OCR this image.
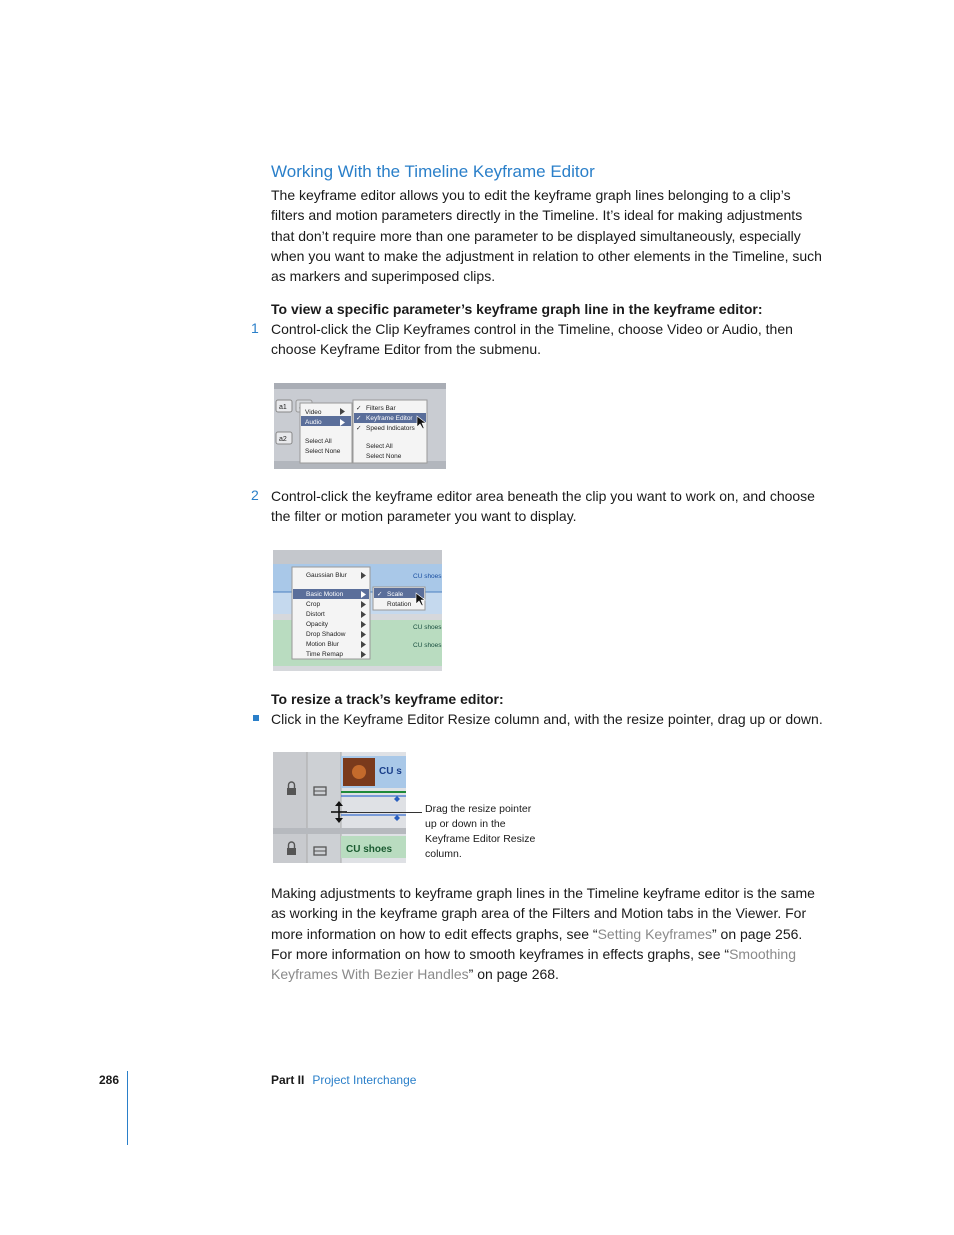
Working With the Timeline Keyframe Editor

The keyframe editor allows you to edit the keyframe graph lines belonging to a clip’s filters and motion parameters directly in the Timeline. It’s ideal for making adjustments that don’t require more than one parameter to be displayed simultaneously, especially when you want to make the adjustment in relation to other elements in the Timeline, such as markers and superimposed clips.

To view a specific parameter’s keyframe graph line in the keyframe editor:

1 Control-click the Clip Keyframes control in the Timeline, choose Video or Audio, then choose Keyframe Editor from the submenu.

a1
a2
Video
Audio
Select All
Select None
✓ Filters Bar
✓ Keyframe Editor
✓ Speed Indicators
Select All
Select None
2 Control-click the keyframe editor area beneath the clip you want to work on, and choose the filter or motion parameter you want to display.

CU shoes
CU shoes
CU shoes
Gaussian Blur
Basic Motion
Crop
Distort
Opacity
Drop Shadow
Motion Blur
Time Remap
✓ Scale
Rotation

To resize a track’s keyframe editor:

Click in the Keyframe Editor Resize column and, with the resize pointer, drag up or down.

CU s
CU shoes
Drag the resize pointer up or down in the Keyframe Editor Resize column.

Making adjustments to keyframe graph lines in the Timeline keyframe editor is the same as working in the keyframe graph area of the Filters and Motion tabs in the Viewer. For more information on how to edit effects graphs, see “Setting Keyframes” on page 256. For more information on how to smooth keyframes in effects graphs, see “Smoothing Keyframes With Bezier Handles” on page 268.

286	Part II Project Interchange
